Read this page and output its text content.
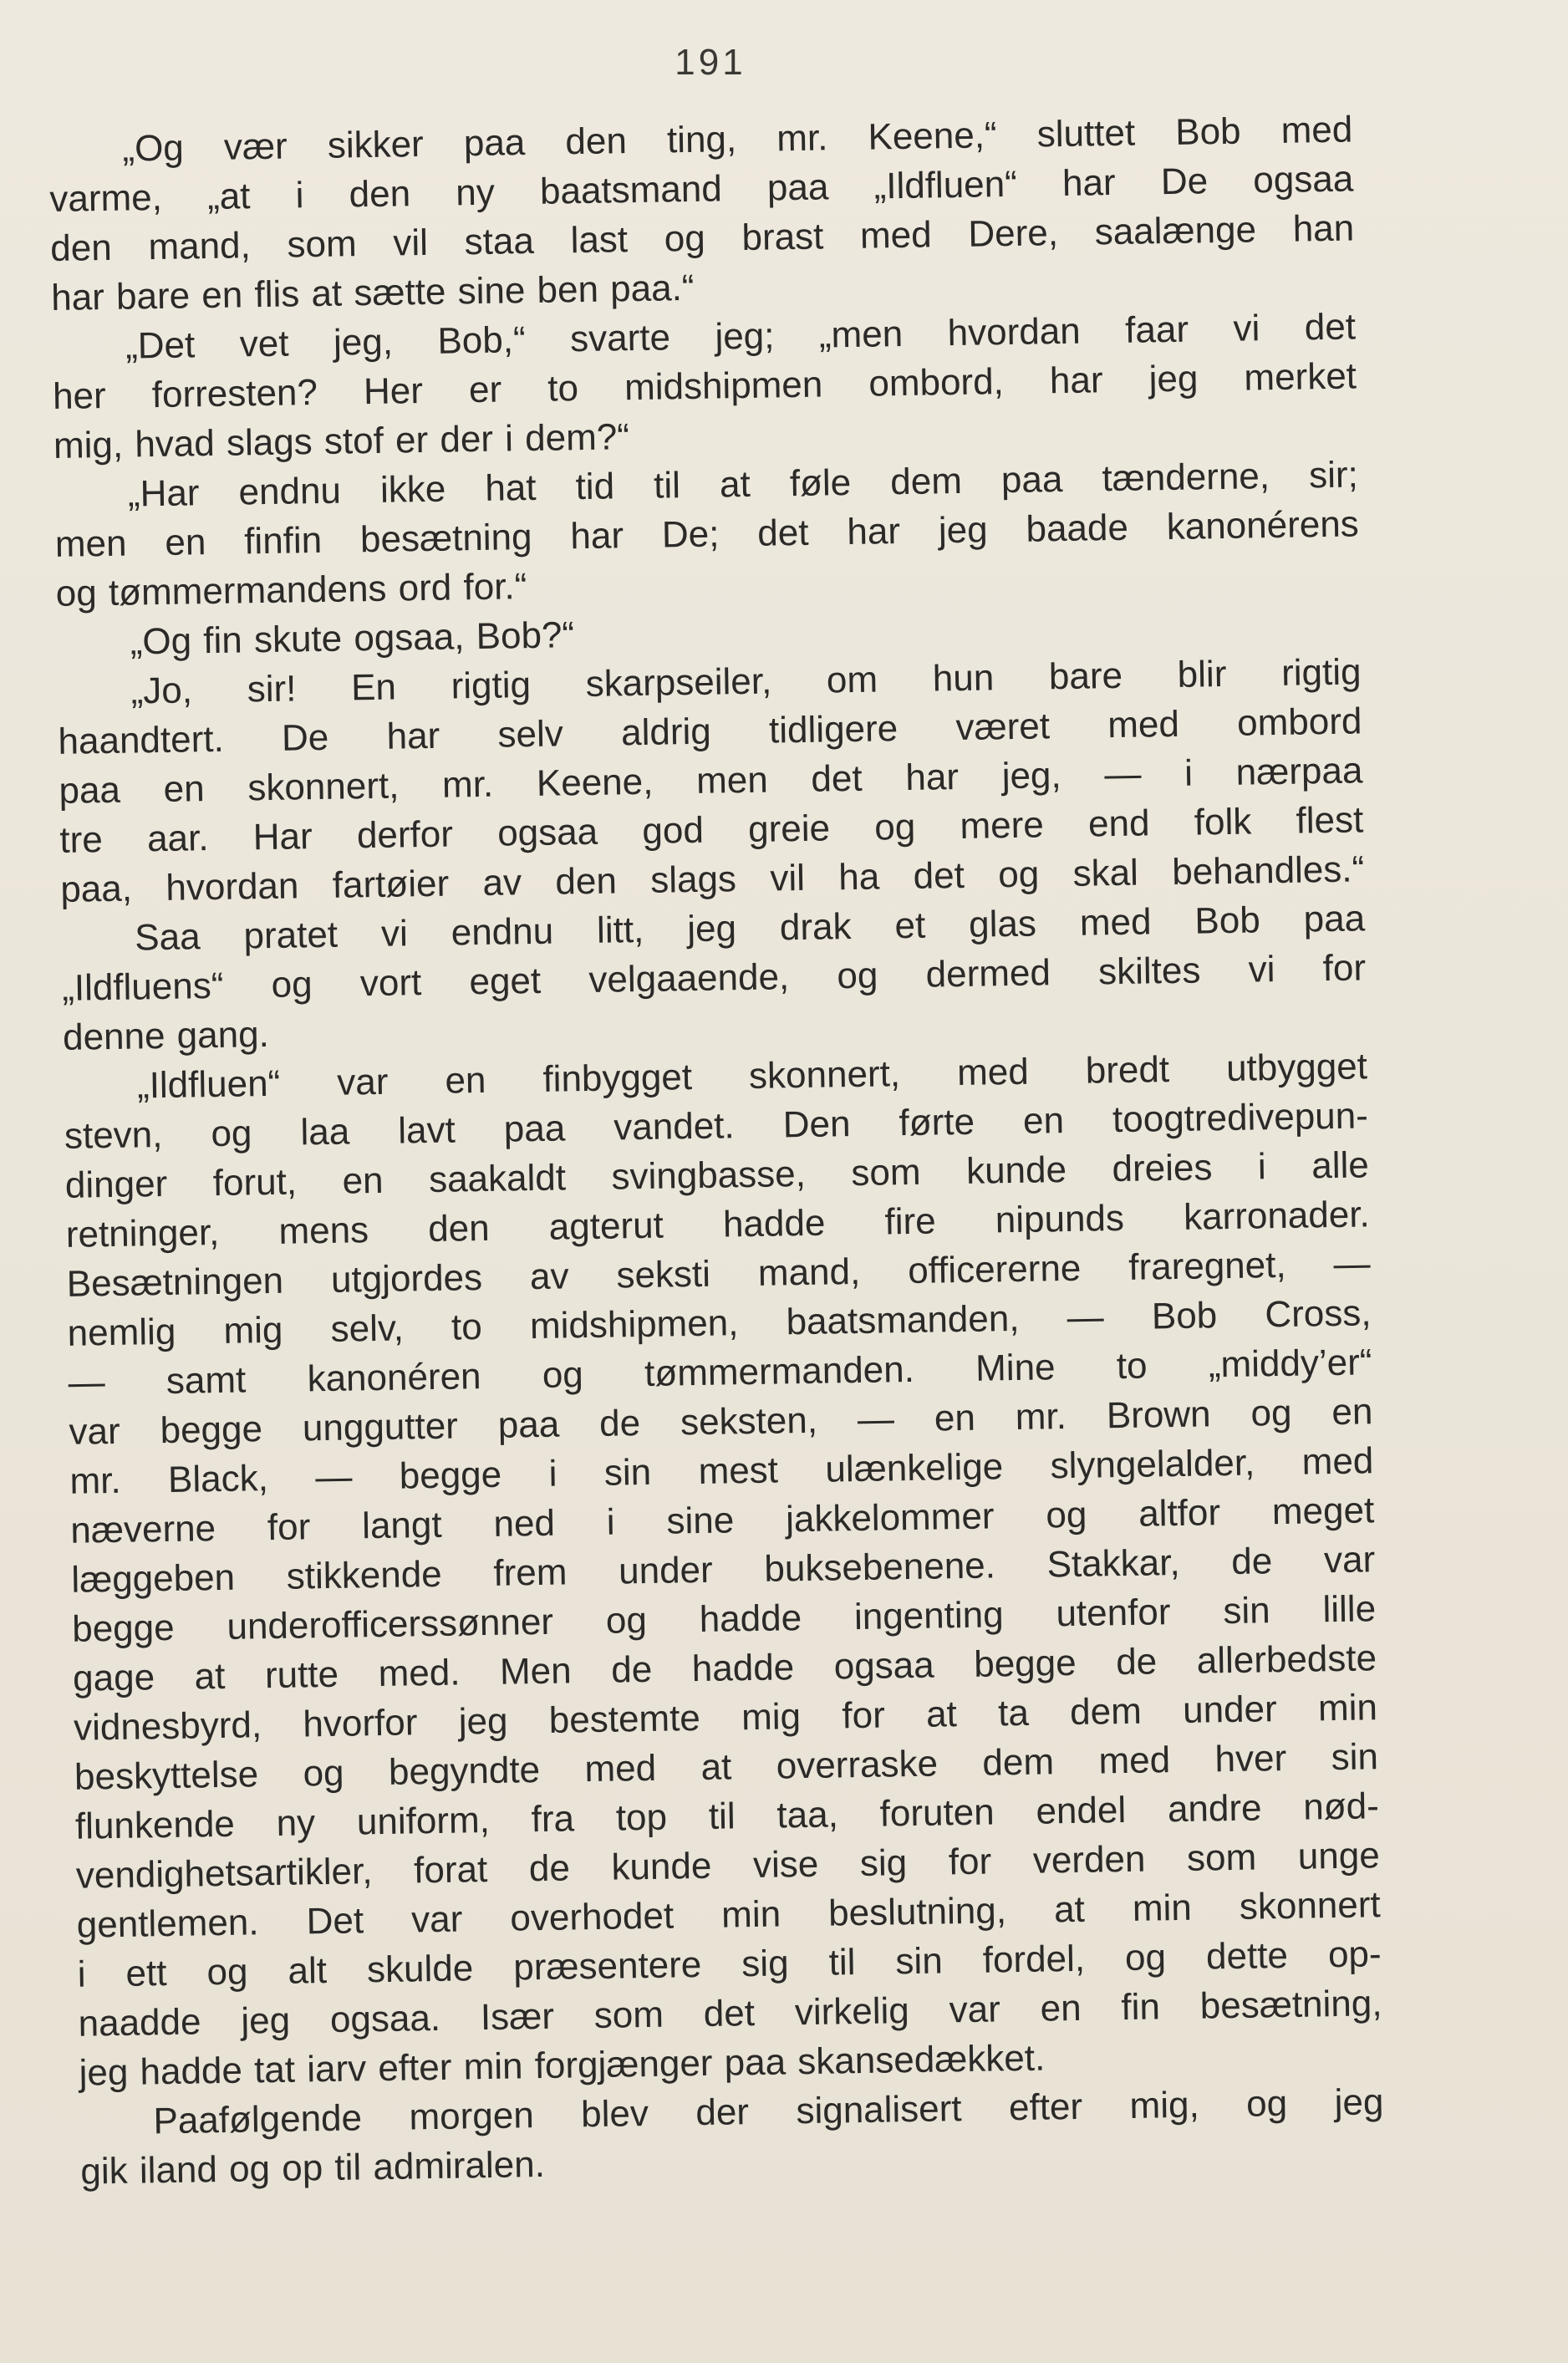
191
„Og vær sikker paa den ting, mr. Keene,“ sluttet Bob med
varme, „at i den ny baatsmand paa „Ildfluen“ har De ogsaa
den mand, som vil staa last og brast med Dere, saalænge han
har bare en flis at sætte sine ben paa.“
„Det vet jeg, Bob,“ svarte jeg; „men hvordan faar vi det
her forresten? Her er to midshipmen ombord, har jeg merket
mig, hvad slags stof er der i dem?“
„Har endnu ikke hat tid til at føle dem paa tænderne, sir;
men en finfin besætning har De; det har jeg baade kanonérens
og tømmermandens ord for.“
„Og fin skute ogsaa, Bob?“
„Jo, sir! En rigtig skarpseiler, om hun bare blir rigtig
haandtert. De har selv aldrig tidligere været med ombord
paa en skonnert, mr. Keene, men det har jeg, — i nærpaa
tre aar. Har derfor ogsaa god greie og mere end folk flest
paa, hvordan fartøier av den slags vil ha det og skal behandles.“
Saa pratet vi endnu litt, jeg drak et glas med Bob paa
„Ildfluens“ og vort eget velgaaende, og dermed skiltes vi for
denne gang.
„Ildfluen“ var en finbygget skonnert, med bredt utbygget
stevn, og laa lavt paa vandet. Den førte en toogtredivepun-
dinger forut, en saakaldt svingbasse, som kunde dreies i alle
retninger, mens den agterut hadde fire nipunds karronader.
Besætningen utgjordes av seksti mand, officererne fraregnet, —
nemlig mig selv, to midshipmen, baatsmanden, — Bob Cross,
— samt kanonéren og tømmermanden. Mine to „middy’er“
var begge unggutter paa de seksten, — en mr. Brown og en
mr. Black, — begge i sin mest ulænkelige slyngelalder, med
næverne for langt ned i sine jakkelommer og altfor meget
læggeben stikkende frem under buksebenene. Stakkar, de var
begge underofficerssønner og hadde ingenting utenfor sin lille
gage at rutte med. Men de hadde ogsaa begge de allerbedste
vidnesbyrd, hvorfor jeg bestemte mig for at ta dem under min
beskyttelse og begyndte med at overraske dem med hver sin
flunkende ny uniform, fra top til taa, foruten endel andre nød-
vendighetsartikler, forat de kunde vise sig for verden som unge
gentlemen. Det var overhodet min beslutning, at min skonnert
i ett og alt skulde præsentere sig til sin fordel, og dette op-
naadde jeg ogsaa. Især som det virkelig var en fin besætning,
jeg hadde tat iarv efter min forgjænger paa skansedækket.
Paafølgende morgen blev der signalisert efter mig, og jeg
gik iland og op til admiralen.
